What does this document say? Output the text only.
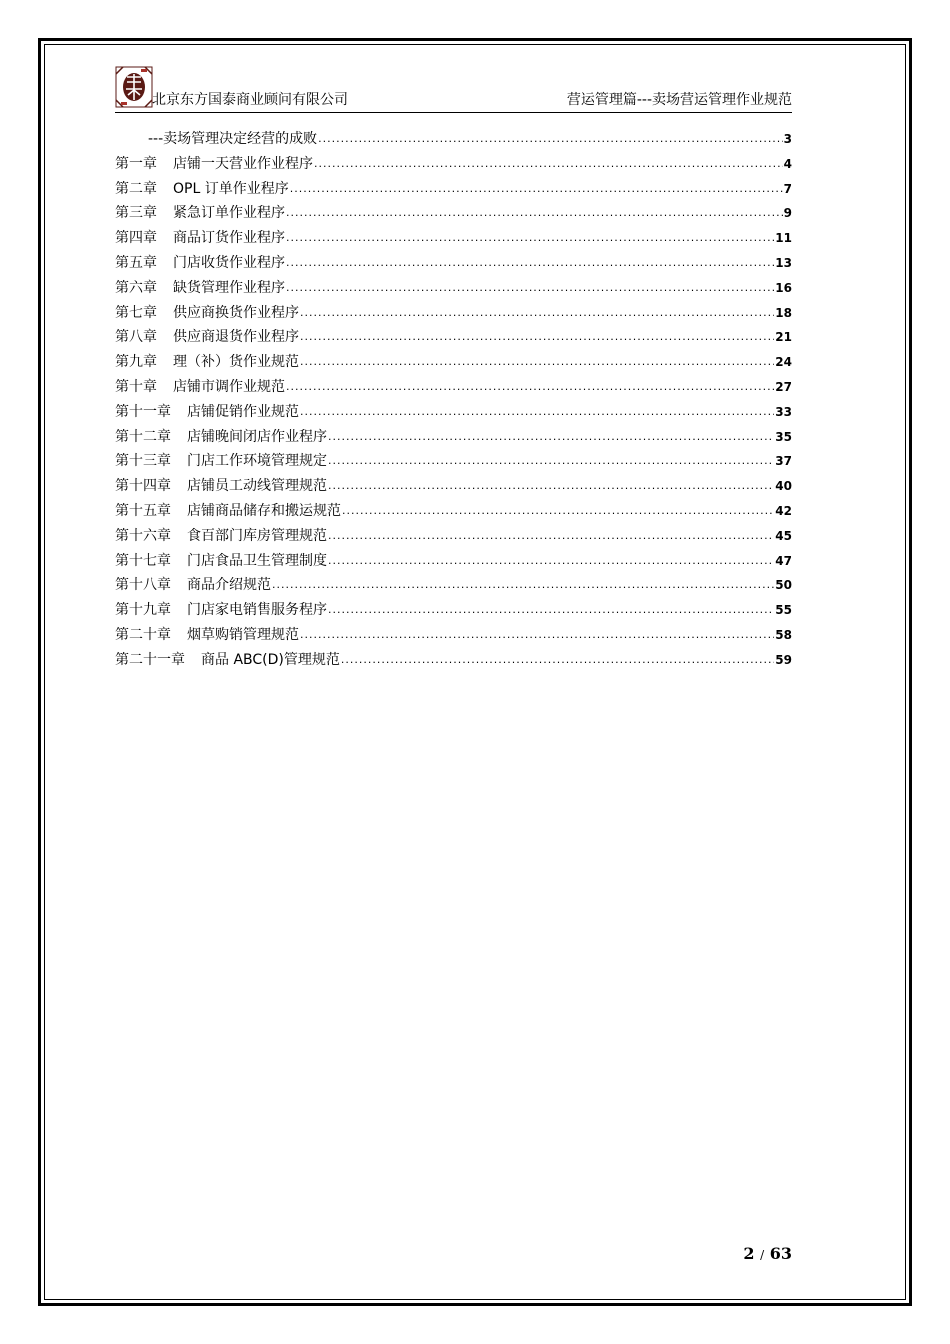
北京东方国泰商业顾问有限公司	营运管理篇---卖场营运管理作业规范
---卖场管理决定经营的成败 .....	3
第一章 店铺一天营业作业程序 .....	4
第二章 OPL 订单作业程序 .....	7
第三章 紧急订单作业程序 .....	9
第四章 商品订货作业程序 .....	11
第五章 门店收货作业程序 .....	13
第六章 缺货管理作业程序 .....	16
第七章 供应商换货作业程序 .....	18
第八章 供应商退货作业程序 .....	21
第九章 理（补）货作业规范 .....	24
第十章 店铺市调作业规范 .....	27
第十一章 店铺促销作业规范 .....	33
第十二章 店铺晚间闭店作业程序 .....	35
第十三章 门店工作环境管理规定 .....	37
第十四章 店铺员工动线管理规范 .....	40
第十五章 店铺商品储存和搬运规范 .....	42
第十六章 食百部门库房管理规范 .....	45
第十七章 门店食品卫生管理制度 .....	47
第十八章 商品介绍规范 .....	50
第十九章 门店家电销售服务程序 .....	55
第二十章 烟草购销管理规范 .....	58
第二十一章 商品 ABC(D)管理规范 .....	59
2 / 63
